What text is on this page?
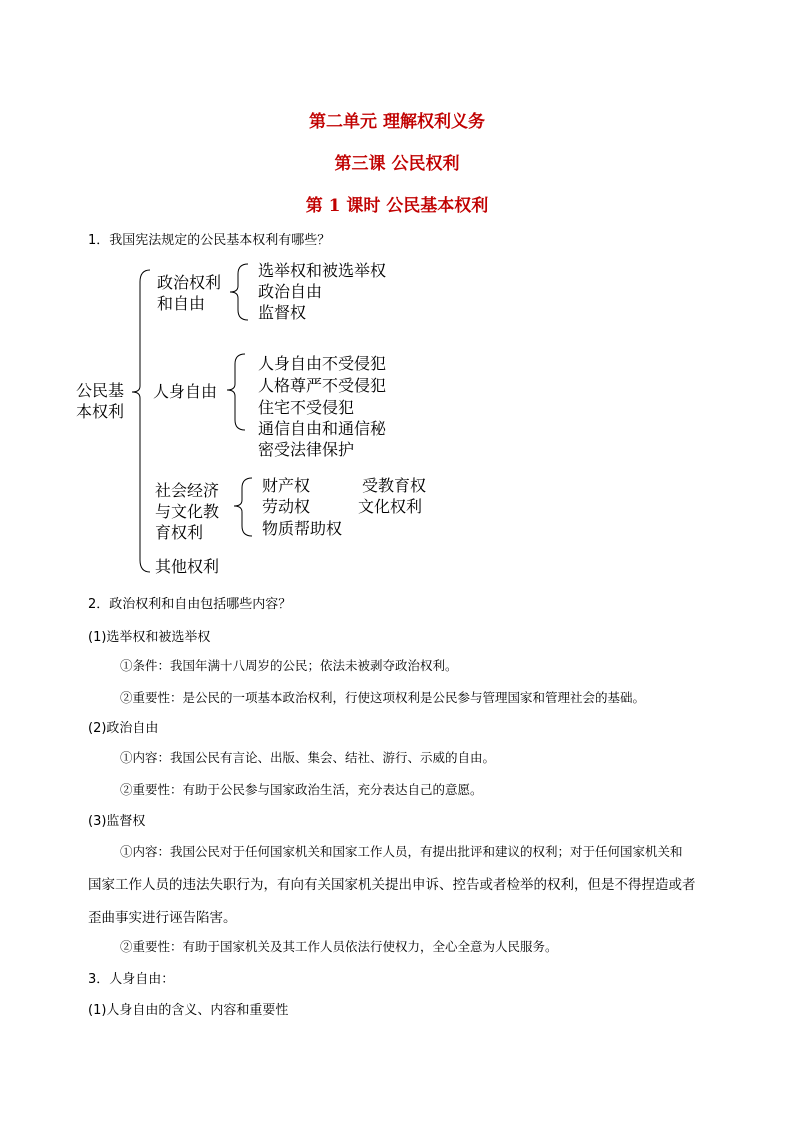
第二单元 理解权利义务
第三课 公民权利
第 1 课时 公民基本权利
1．我国宪法规定的公民基本权利有哪些？
公民基
本权利
政治权利
和自由
选举权和被选举权
政治自由
监督权
人身自由
人身自由不受侵犯
人格尊严不受侵犯
住宅不受侵犯
通信自由和通信秘
密受法律保护
社会经济
与文化教
育权利
财产权	受教育权
劳动权	文化权利
物质帮助权
其他权利
2．政治权利和自由包括哪些内容？
(1)选举权和被选举权
①条件：我国年满十八周岁的公民；依法未被剥夺政治权利。
②重要性：是公民的一项基本政治权利，行使这项权利是公民参与管理国家和管理社会的基础。
(2)政治自由
①内容：我国公民有言论、出版、集会、结社、游行、示威的自由。
②重要性：有助于公民参与国家政治生活，充分表达自己的意愿。
(3)监督权
①内容：我国公民对于任何国家机关和国家工作人员，有提出批评和建议的权利；对于任何国家机关和
国家工作人员的违法失职行为，有向有关国家机关提出申诉、控告或者检举的权利，但是不得捏造或者
歪曲事实进行诬告陷害。
②重要性：有助于国家机关及其工作人员依法行使权力，全心全意为人民服务。
3．人身自由：
(1)人身自由的含义、内容和重要性
